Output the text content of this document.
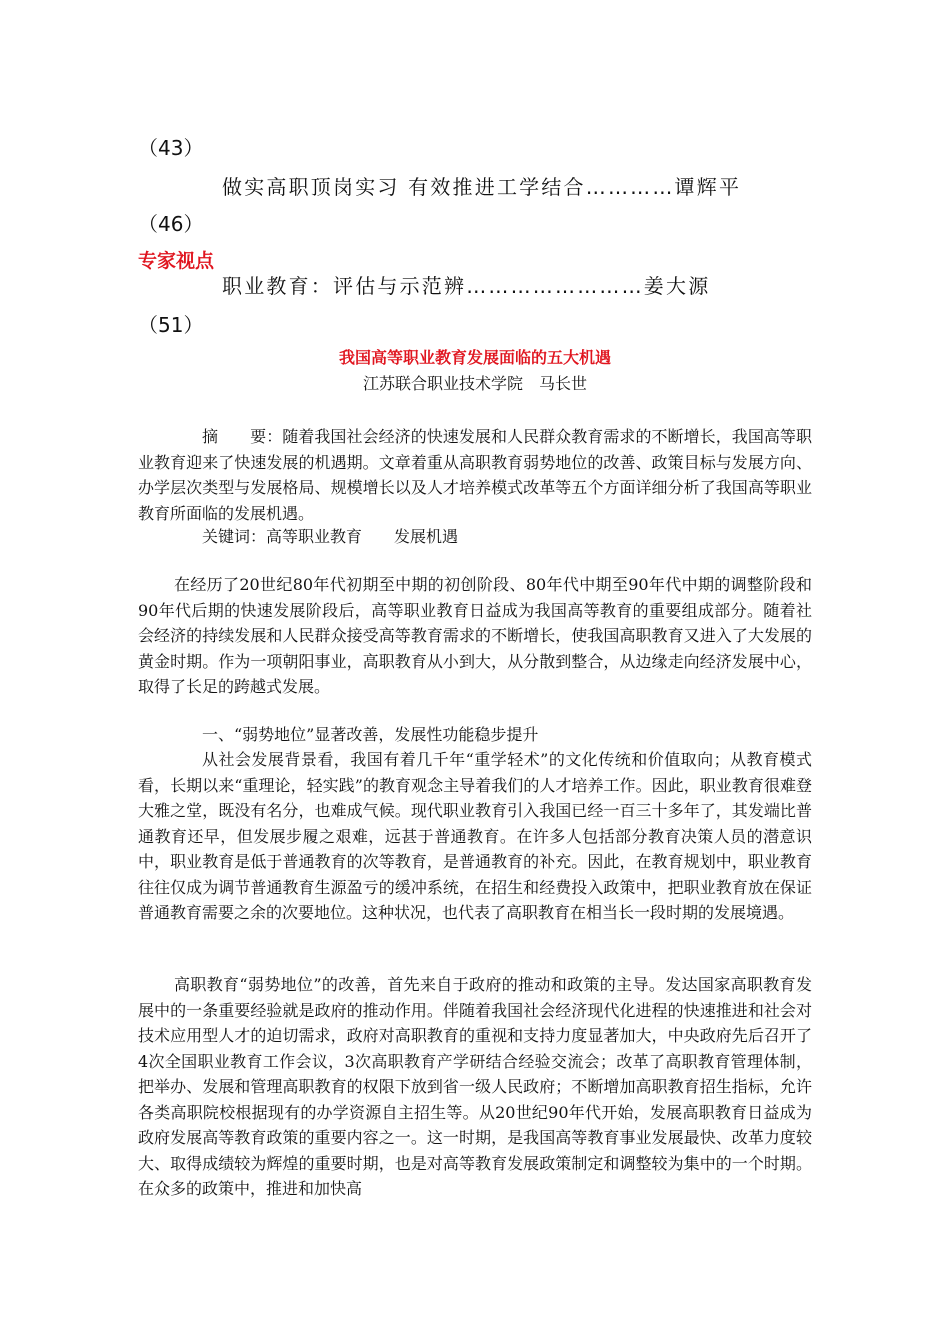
（43）
做实高职顶岗实习 有效推进工学结合…………谭辉平
（46）
专家视点
职业教育：评估与示范辨……………………姜大源
（51）
我国高等职业教育发展面临的五大机遇
江苏联合职业技术学院　马长世

摘　　要：随着我国社会经济的快速发展和人民群众教育需求的不断增长，我国高等职业教育迎来了快速发展的机遇期。文章着重从高职教育弱势地位的改善、政策目标与发展方向、办学层次类型与发展格局、规模增长以及人才培养模式改革等五个方面详细分析了我国高等职业教育所面临的发展机遇。

关键词：高等职业教育　　发展机遇

在经历了20世纪80年代初期至中期的初创阶段、80年代中期至90年代中期的调整阶段和90年代后期的快速发展阶段后，高等职业教育日益成为我国高等教育的重要组成部分。随着社会经济的持续发展和人民群众接受高等教育需求的不断增长，使我国高职教育又进入了大发展的黄金时期。作为一项朝阳事业，高职教育从小到大，从分散到整合，从边缘走向经济发展中心，取得了长足的跨越式发展。

一、“弱势地位”显著改善，发展性功能稳步提升

从社会发展背景看，我国有着几千年“重学轻术”的文化传统和价值取向；从教育模式看，长期以来“重理论，轻实践”的教育观念主导着我们的人才培养工作。因此，职业教育很难登大雅之堂，既没有名分，也难成气候。现代职业教育引入我国已经一百三十多年了，其发端比普通教育还早，但发展步履之艰难，远甚于普通教育。在许多人包括部分教育决策人员的潜意识中，职业教育是低于普通教育的次等教育，是普通教育的补充。因此，在教育规划中，职业教育往往仅成为调节普通教育生源盈亏的缓冲系统，在招生和经费投入政策中，把职业教育放在保证普通教育需要之余的次要地位。这种状况，也代表了高职教育在相当长一段时期的发展境遇。

高职教育“弱势地位”的改善，首先来自于政府的推动和政策的主导。发达国家高职教育发展中的一条重要经验就是政府的推动作用。伴随着我国社会经济现代化进程的快速推进和社会对技术应用型人才的迫切需求，政府对高职教育的重视和支持力度显著加大，中央政府先后召开了4次全国职业教育工作会议，3次高职教育产学研结合经验交流会；改革了高职教育管理体制，把举办、发展和管理高职教育的权限下放到省一级人民政府；不断增加高职教育招生指标，允许各类高职院校根据现有的办学资源自主招生等。从20世纪90年代开始，发展高职教育日益成为政府发展高等教育政策的重要内容之一。这一时期，是我国高等教育事业发展最快、改革力度较大、取得成绩较为辉煌的重要时期，也是对高等教育发展政策制定和调整较为集中的一个时期。在众多的政策中，推进和加快高
